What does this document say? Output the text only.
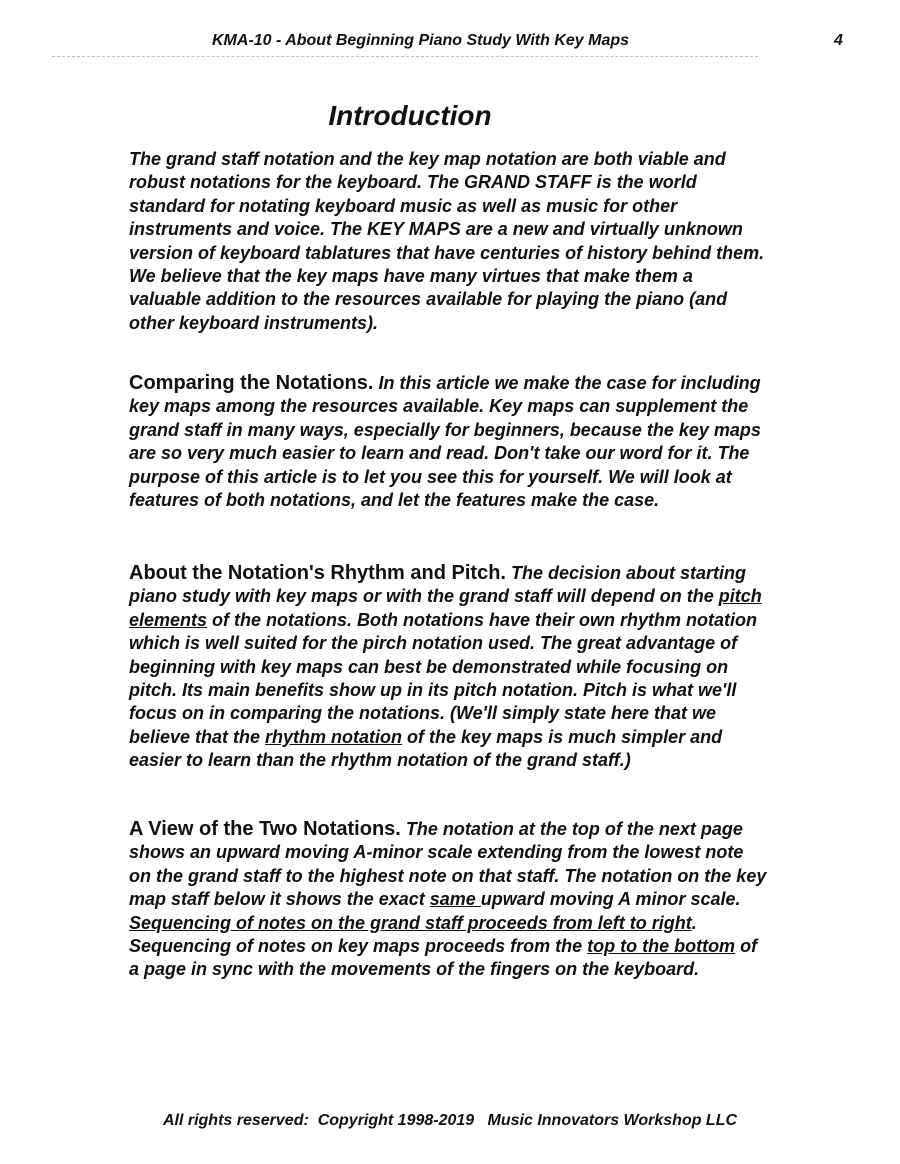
KMA-10 - About Beginning Piano Study With Key Maps	4
Introduction

The grand staff notation and the key map notation are both viable and robust notations for the keyboard. The GRAND STAFF is the world standard for notating keyboard music as well as music for other instruments and voice. The KEY MAPS are a new and virtually unknown version of keyboard tablatures that have centuries of history behind them. We believe that the key maps have many virtues that make them a valuable addition to the resources available for playing the piano (and other keyboard instruments).

Comparing the Notations. In this article we make the case for including key maps among the resources available. Key maps can supplement the grand staff in many ways, especially for beginners, because the key maps are so very much easier to learn and read. Don't take our word for it. The purpose of this article is to let you see this for yourself. We will look at features of both notations, and let the features make the case.

About the Notation's Rhythm and Pitch. The decision about starting piano study with key maps or with the grand staff will depend on the pitch elements of the notations. Both notations have their own rhythm notation which is well suited for the pirch notation used. The great advantage of beginning with key maps can best be demonstrated while focusing on pitch. Its main benefits show up in its pitch notation. Pitch is what we'll focus on in comparing the notations. (We'll simply state here that we believe that the rhythm notation of the key maps is much simpler and easier to learn than the rhythm notation of the grand staff.)

A View of the Two Notations. The notation at the top of the next page shows an upward moving A-minor scale extending from the lowest note on the grand staff to the highest note on that staff. The notation on the key map staff below it shows the exact same upward moving A minor scale. Sequencing of notes on the grand staff proceeds from left to right. Sequencing of notes on key maps proceeds from the top to the bottom of a page in sync with the movements of the fingers on the keyboard.

All rights reserved:  Copyright 1998-2019   Music Innovators Workshop LLC
